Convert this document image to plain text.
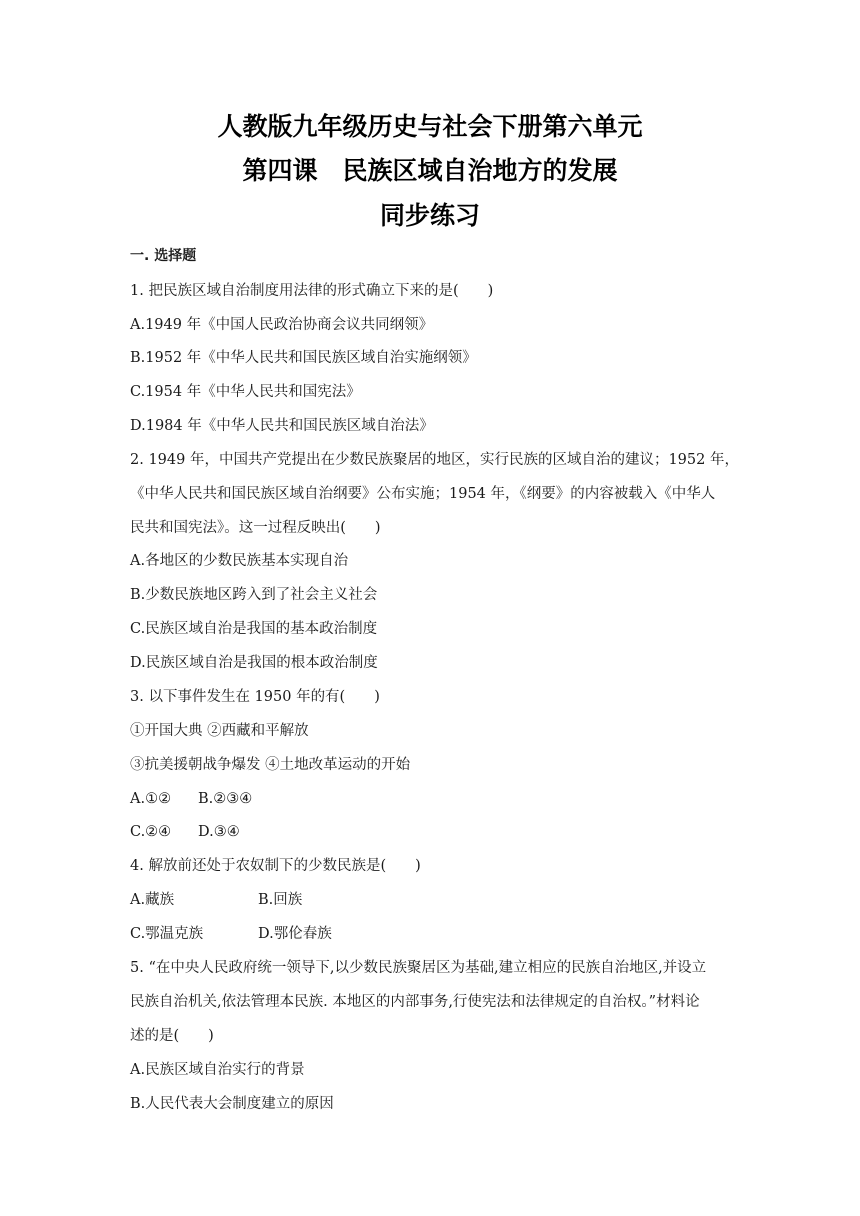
人教版九年级历史与社会下册第六单元
第四课　民族区域自治地方的发展
同步练习
一. 选择题
1. 把民族区域自治制度用法律的形式确立下来的是(　　)
A.1949 年《中国人民政治协商会议共同纲领》
B.1952 年《中华人民共和国民族区域自治实施纲领》
C.1954 年《中华人民共和国宪法》
D.1984 年《中华人民共和国民族区域自治法》
2. 1949 年，中国共产党提出在少数民族聚居的地区，实行民族的区域自治的建议；1952 年，
《中华人民共和国民族区域自治纲要》公布实施；1954 年，《纲要》的内容被载入《中华人
民共和国宪法》。这一过程反映出(　　)
A.各地区的少数民族基本实现自治
B.少数民族地区跨入到了社会主义社会
C.民族区域自治是我国的基本政治制度
D.民族区域自治是我国的根本政治制度
3. 以下事件发生在 1950 年的有(　　)
①开国大典 ②西藏和平解放
③抗美援朝战争爆发 ④土地改革运动的开始
A.①② B.②③④
C.②④ D.③④
4. 解放前还处于农奴制下的少数民族是(　　)
A.藏族	B.回族
C.鄂温克族	D.鄂伦春族
5. “在中央人民政府统一领导下,以少数民族聚居区为基础,建立相应的民族自治地区,并设立
民族自治机关,依法管理本民族. 本地区的内部事务,行使宪法和法律规定的自治权。”材料论
述的是(　　)
A.民族区域自治实行的背景
B.人民代表大会制度建立的原因
